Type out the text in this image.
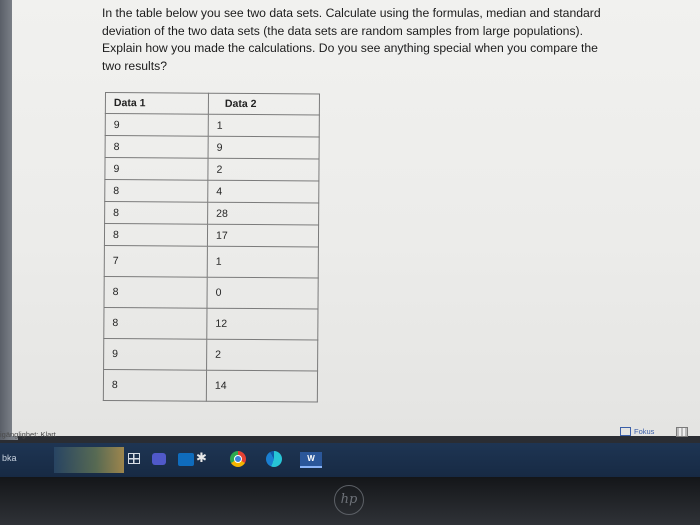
In the table below you see two data sets. Calculate using the formulas, median and standard deviation of the two data sets (the data sets are random samples from large populations). Explain how you made the calculations. Do you see anything special when you compare the two results?

Data 1	Data 2
9	1
8	9
9	2
8	4
8	28
8	17
7	1
8	0
8	12
9	2
8	14
igänglighet: Klart	Fokus
bka	✱	W
hp
